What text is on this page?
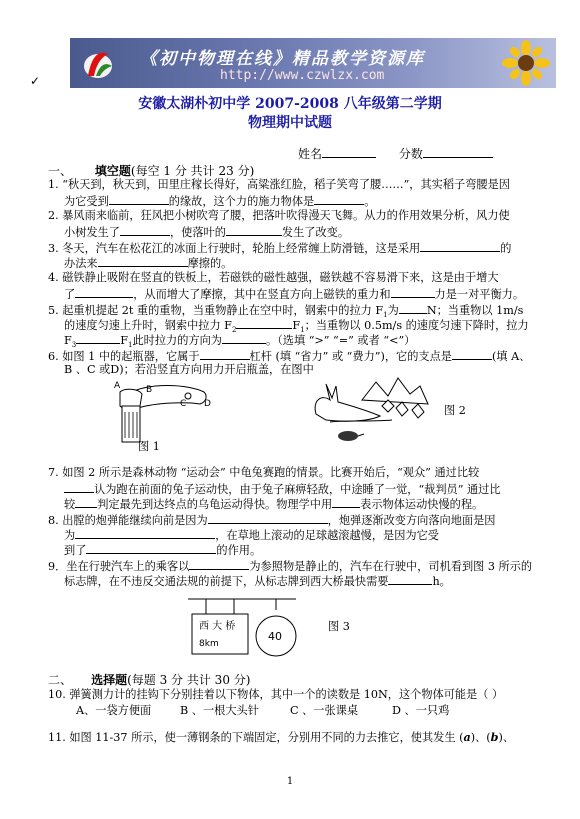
《初中物理在线》精品教学资源库
http://www.czwlzx.com
✓
安徽太湖朴初中学 2007-2008 八年级第二学期
物理期中试题
姓名	分数
一、 填空题(每空 1 分 共计 23 分)
1. “秋天到，秋天到，田里庄稼长得好，高粱涨红脸，稻子笑弯了腰……”，其实稻子弯腰是因
为它受到	的缘故，这个力的施力物体是	。
2. 暴风雨来临前，狂风把小树吹弯了腰，把落叶吹得漫天飞舞。从力的作用效果分析，风力使
小树发生了	，使落叶的	发生了改变。
3. 冬天，汽车在松花江的冰面上行驶时，轮胎上经常缠上防滑链，这是采用	的
办法来	摩擦的。
4. 磁铁静止吸附在竖直的铁板上，若磁铁的磁性越强，磁铁越不容易滑下来，这是由于增大
了	，从而增大了摩擦，其中在竖直方向上磁铁的重力和	力是一对平衡力。
5. 起重机提起 2t 重的重物，当重物静止在空中时，钢索中的拉力 $F_1$为	N；当重物以 1m/s
的速度匀速上升时，钢索中拉力 $F_2$	$F_1$；当重物以 0.5m/s 的速度匀速下降时，拉力
$F_3$	$F_1$此时拉力的方向为	。（选填 “>” “=” 或者 “<”）
6. 如图 1 中的起瓶器，它属于	杠杆 (填 “省力” 或 “费力”)，它的支点是	(填 A、
B 、C 或D)；若沿竖直方向用力开启瓶盖，在图中
A	B
C D
图 1
图 2
7. 如图 2 所示是森林动物 “运动会” 中龟兔赛跑的情景。比赛开始后，“观众” 通过比较
认为跑在前面的兔子运动快，由于兔子麻痹轻敌，中途睡了一觉，“裁判员” 通过比
较 判定最先到达终点的乌龟运动得快。物理学中用	表示物体运动快慢的程。
8. 出膛的炮弹能继续向前是因为	，炮弹逐渐改变方向落向地面是因
为	，在草地上滚动的足球越滚越慢，是因为它受
到了	的作用。
9．坐在行驶汽车上的乘客以	为参照物是静止的，汽车在行驶中，司机看到图 3 所示的
标志牌，在不违反交通法规的前提下，从标志牌到西大桥最快需要	h。
西 大 桥
8km
40
图 3
二、 选择题(每题 3 分 共计 30 分)
10. 弹簧测力计的挂钩下分别挂着以下物体，其中一个的读数是 10N，这个物体可能是（ ）
A、一袋方便面	B 、一根大头针	C 、一张课桌	D 、一只鸡
11. 如图 11-37 所示，使一薄钢条的下端固定，分别用不同的力去推它，使其发生 (a)、(b)、
1
